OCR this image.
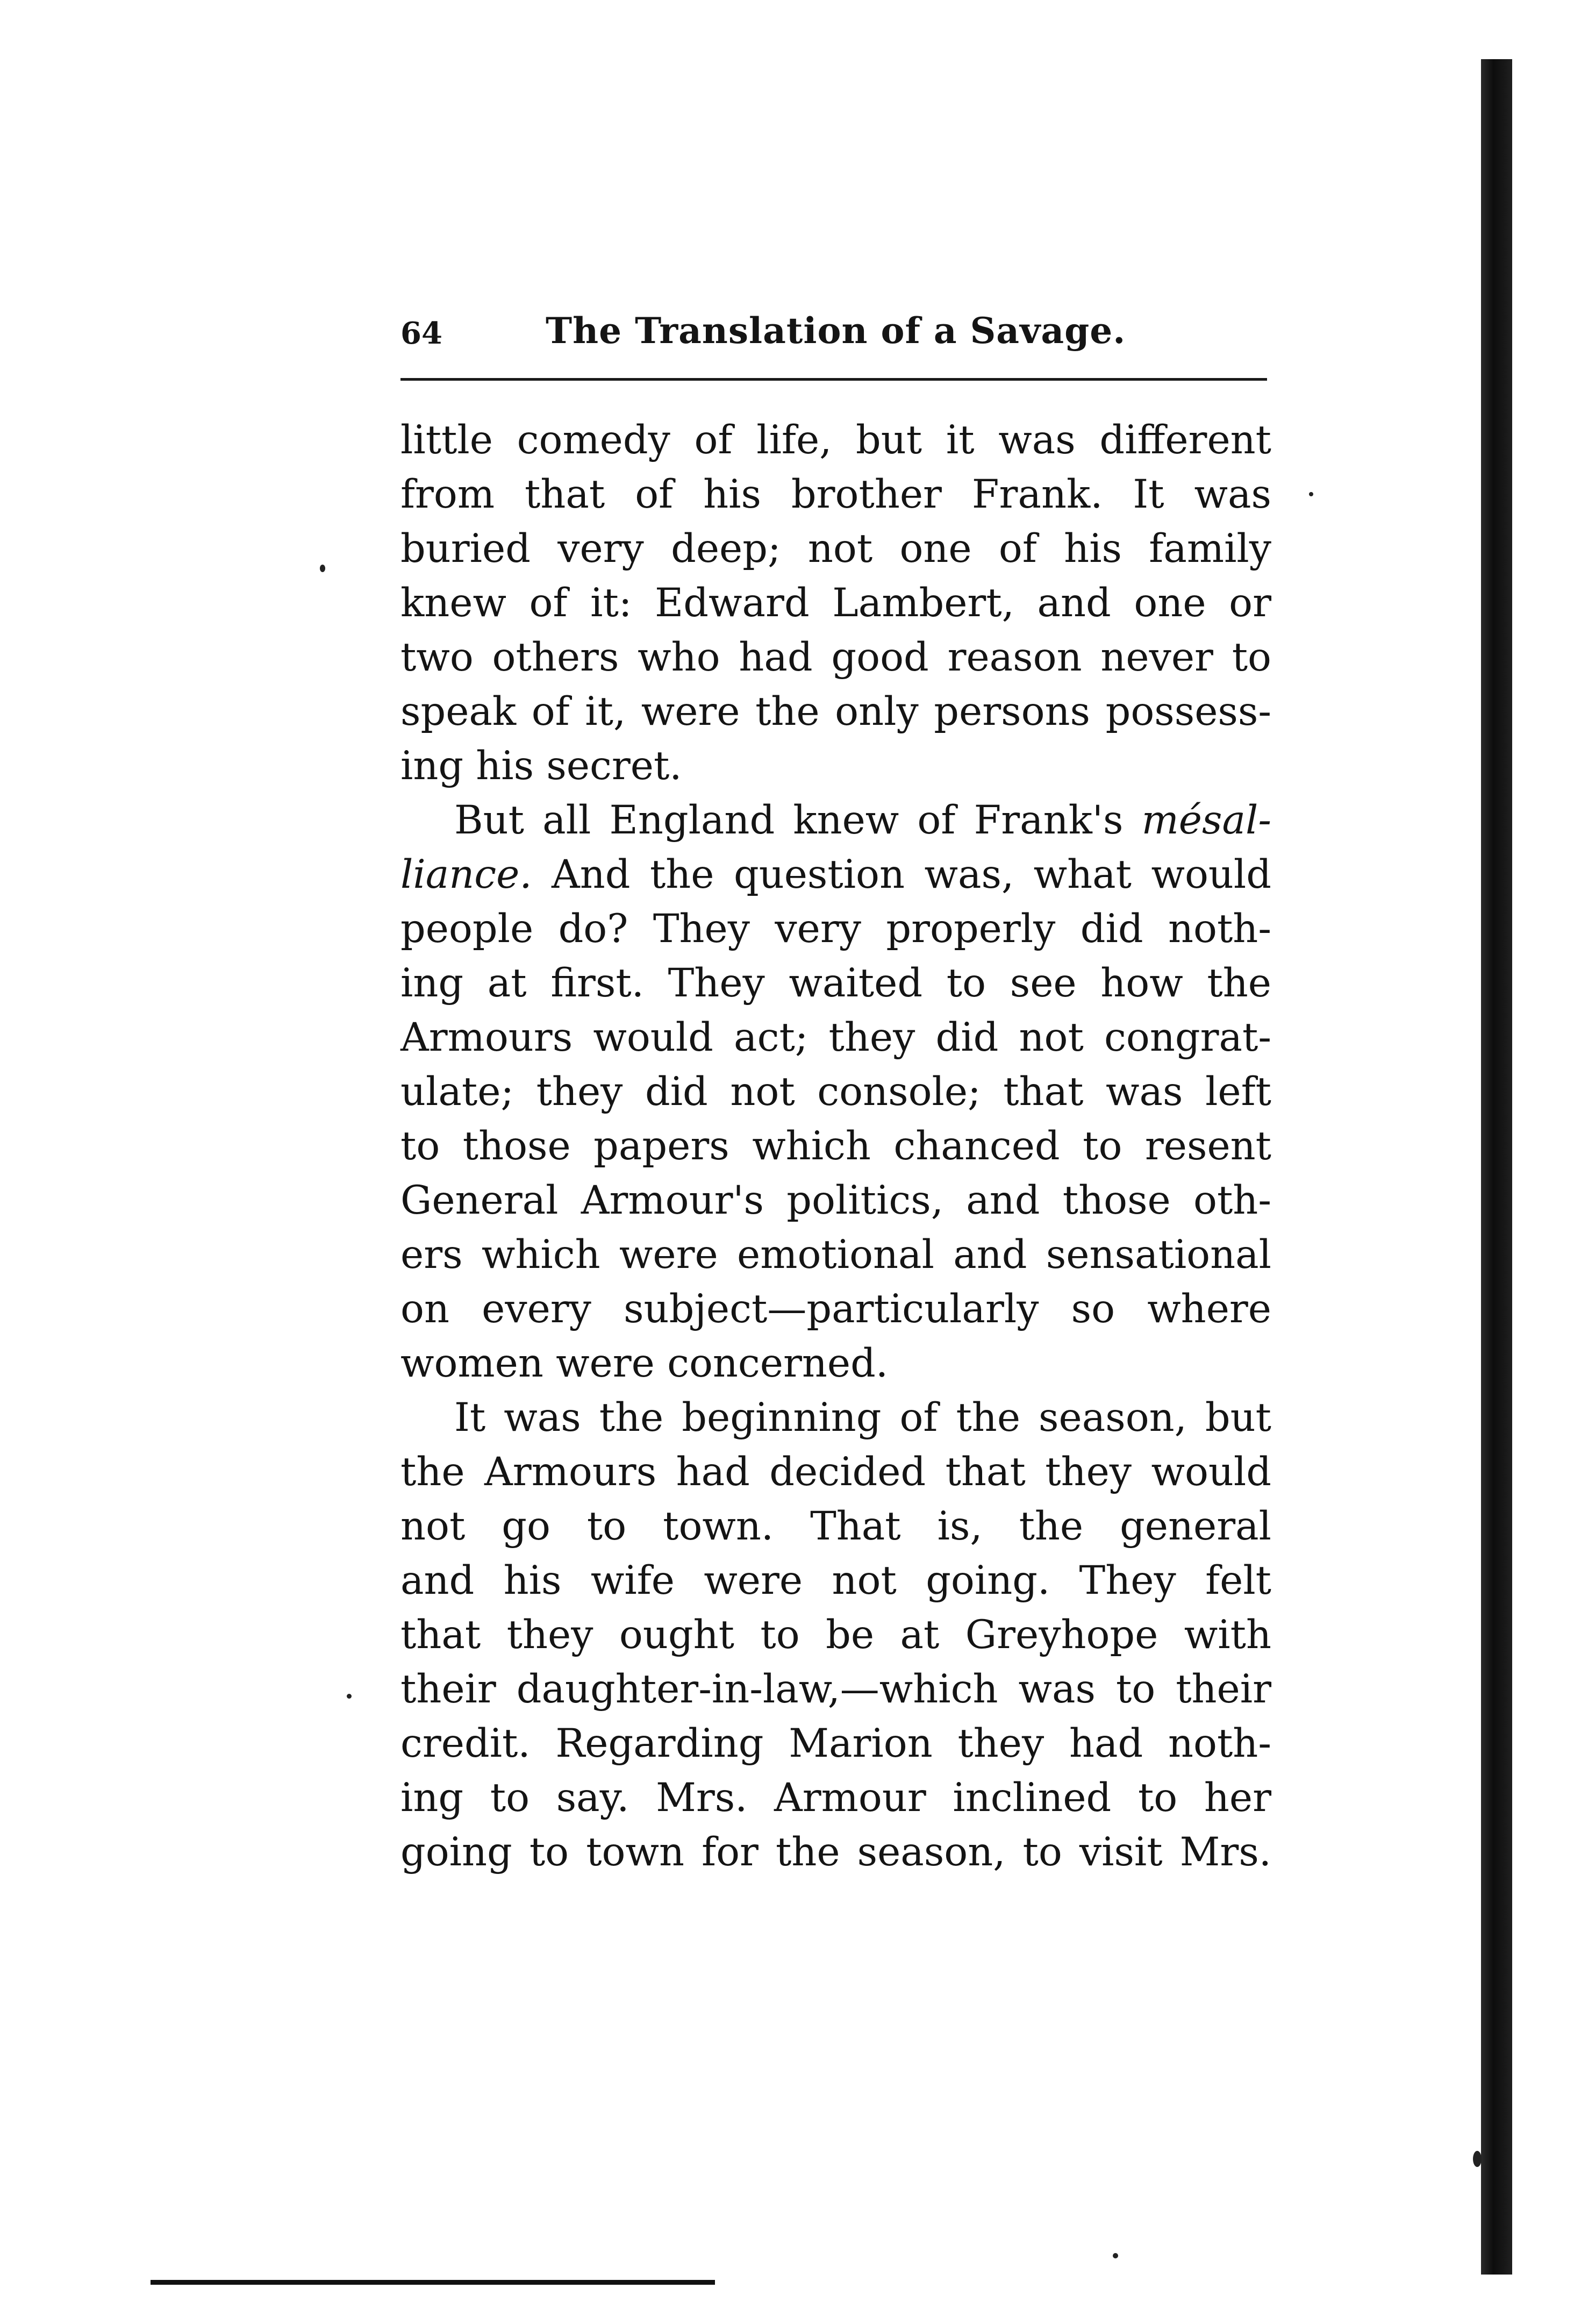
64	The Translation of a Savage.
little comedy of life, but it was different
from that of his brother Frank. It was
buried very deep; not one of his family
knew of it: Edward Lambert, and one or
two others who had good reason never to
speak of it, were the only persons possess-
ing his secret.
But all England knew of Frank's mésal-
liance. And the question was, what would
people do? They very properly did noth-
ing at first. They waited to see how the
Armours would act; they did not congrat-
ulate; they did not console; that was left
to those papers which chanced to resent
General Armour's politics, and those oth-
ers which were emotional and sensational
on every subject—particularly so where
women were concerned.
It was the beginning of the season, but
the Armours had decided that they would
not go to town. That is, the general
and his wife were not going. They felt
that they ought to be at Greyhope with
their daughter-in-law,—which was to their
credit. Regarding Marion they had noth-
ing to say. Mrs. Armour inclined to her
going to town for the season, to visit Mrs.
